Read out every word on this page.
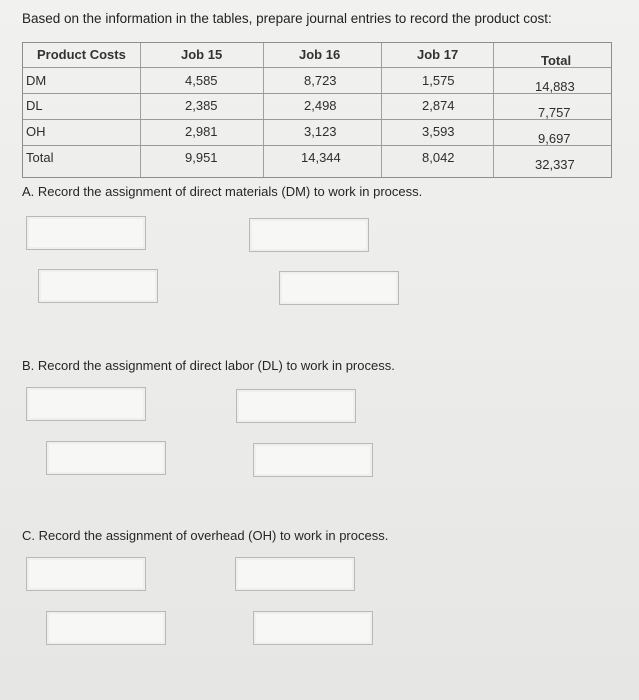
Based on the information in the tables, prepare journal entries to record the product cost:
Product Costs	Job 15	Job 16	Job 17	Total
DM	4,585	8,723	1,575	14,883
DL	2,385	2,498	2,874	7,757
OH	2,981	3,123	3,593	9,697
Total	9,951	14,344	8,042	32,337
A. Record the assignment of direct materials (DM) to work in process.
B. Record the assignment of direct labor (DL) to work in process.
C. Record the assignment of overhead (OH) to work in process.
